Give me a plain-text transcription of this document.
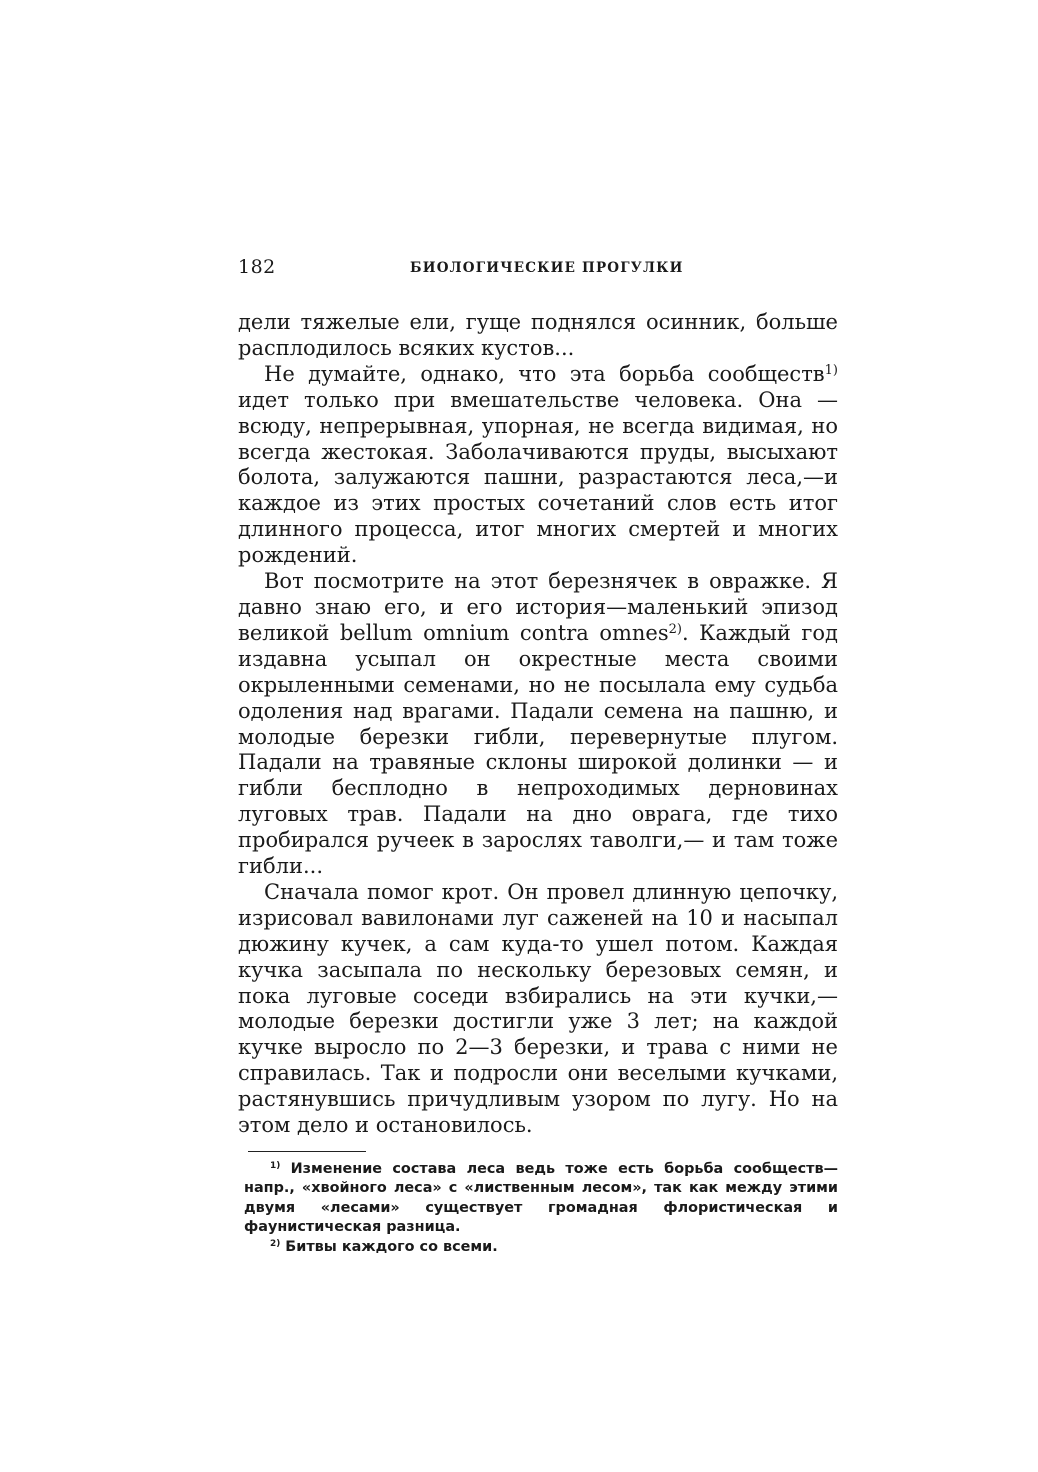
182	БИОЛОГИЧЕСКИЕ ПРОГУЛКИ

дели тяжелые ели, гуще поднялся осинник, больше расплодилось всяких кустов...

Не думайте, однако, что эта борьба сообществ$^{1)}$ идет только при вмешательстве человека. Она — всюду, непрерывная, упорная, не всегда видимая, но всегда жестокая. Заболачиваются пруды, высыхают болота, залужаются пашни, разрастаются леса,—и каждое из этих простых сочетаний слов есть итог длинного процесса, итог многих смертей и многих рождений.

Вот посмотрите на этот березнячек в овражке. Я давно знаю его, и его история—маленький эпизод великой bellum omnium contra omnes$^{2)}$. Каждый год издавна усыпал он окрестные места своими окрыленными семенами, но не посылала ему судьба одоления над врагами. Падали семена на пашню, и молодые березки гибли, перевернутые плугом. Падали на травяные склоны широкой долинки — и гибли бесплодно в непроходимых дерновинах луговых трав. Падали на дно оврага, где тихо пробирался ручеек в зарослях таволги,— и там тоже гибли...

Сначала помог крот. Он провел длинную цепочку, изрисовал вавилонами луг саженей на 10 и насыпал дюжину кучек, а сам куда-то ушел потом. Каждая кучка засыпала по нескольку березовых семян, и пока луговые соседи взбирались на эти кучки,—молодые березки достигли уже 3 лет; на каждой кучке выросло по 2—3 березки, и трава с ними не справилась. Так и подросли они веселыми кучками, растянувшись причудливым узором по лугу. Но на этом дело и остановилось.

$^{1)}$ Изменение состава леса ведь тоже есть борьба сообществ—напр., «хвойного леса» с «лиственным лесом», так как между этими двумя «лесами» существует громадная флористическая и фаунистическая разница.

$^{2)}$ Битвы каждого со всеми.
